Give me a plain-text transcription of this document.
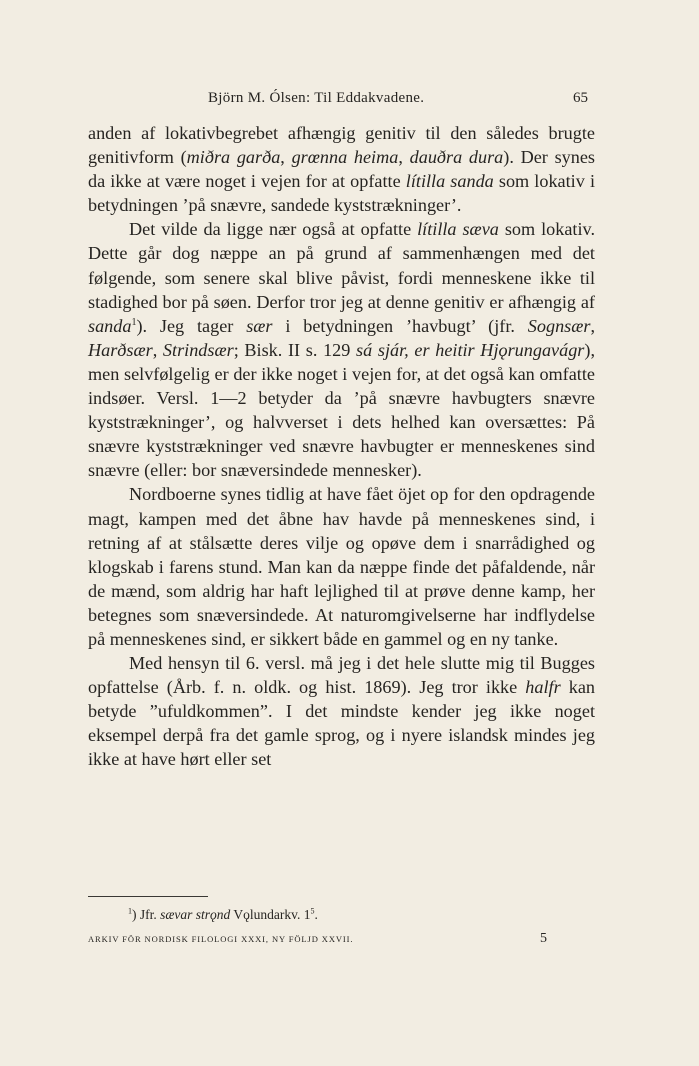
Björn M. Ólsen: Til Eddakvadene.	65

anden af lokativbegrebet afhængig genitiv til den således brugte genitivform (miðra garða, grœnna heima, dauðra dura). Der synes da ikke at være noget i vejen for at opfatte lítilla sanda som lokativ i betydningen ’på snævre, sandede kyststrækninger’.

Det vilde da ligge nær også at opfatte lítilla sæva som lokativ. Dette går dog næppe an på grund af sammenhængen med det følgende, som senere skal blive påvist, fordi menneskene ikke til stadighed bor på søen. Derfor tror jeg at denne genitiv er afhængig af sanda$^1$). Jeg tager sær i betydningen ’havbugt’ (jfr. Sognsær, Harðsær, Strindsær; Bisk. II s. 129 sá sjár, er heitir Hjǫrungavágr), men selvfølgelig er der ikke noget i vejen for, at det også kan omfatte indsøer. Versl. 1—2 betyder da ’på snævre havbugters snævre kyststrækninger’, og halvverset i dets helhed kan oversættes: På snævre kyststrækninger ved snævre havbugter er menneskenes sind snævre (eller: bor snæversindede mennesker).

Nordboerne synes tidlig at have fået öjet op for den opdragende magt, kampen med det åbne hav havde på menneskenes sind, i retning af at stålsætte deres vilje og opøve dem i snarrådighed og klogskab i farens stund. Man kan da næppe finde det påfaldende, når de mænd, som aldrig har haft lejlighed til at prøve denne kamp, her betegnes som snæversindede. At naturomgivelserne har indflydelse på menneskenes sind, er sikkert både en gammel og en ny tanke.

Med hensyn til 6. versl. må jeg i det hele slutte mig til Bugges opfattelse (Årb. f. n. oldk. og hist. 1869). Jeg tror ikke halfr kan betyde ”ufuldkommen”. I det mindste kender jeg ikke noget eksempel derpå fra det gamle sprog, og i nyere islandsk mindes jeg ikke at have hørt eller set

$^1$) Jfr. sævar strǫnd Vǫlundarkv. $1^5$.
ARKIV FÖR NORDISK FILOLOGI XXXI, NY FÖLJD XXVII.	5
